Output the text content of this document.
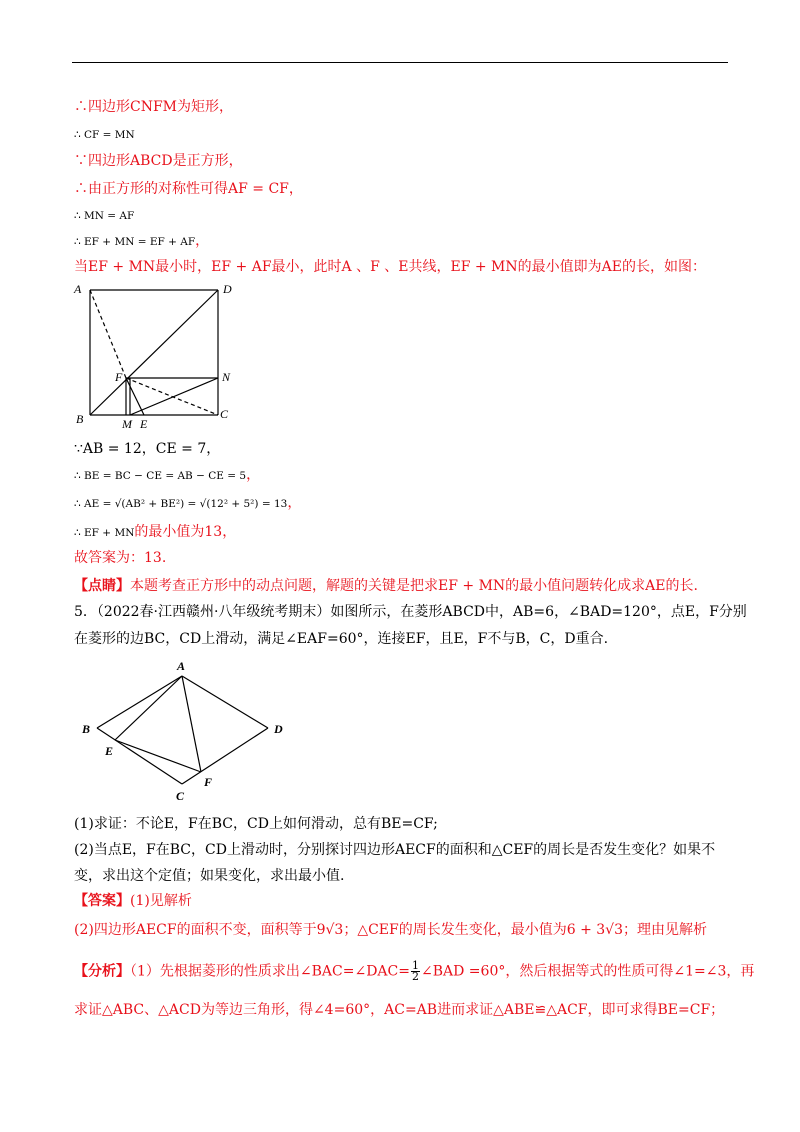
∴四边形CNFM为矩形，
∴ CF = MN
∵四边形ABCD是正方形，
∴由正方形的对称性可得AF = CF，
∴ MN = AF
∴ EF + MN = EF + AF，
当EF + MN最小时，EF + AF最小，此时A 、F 、E共线，EF + MN的最小值即为AE的长，如图：
A	D
F	N
B	M E
C
∵AB = 12，CE = 7，
∴ BE = BC − CE = AB − CE = 5，
∴ AE = √(AB² + BE²) = √(12² + 5²) = 13，
∴ EF + MN的最小值为13，
故答案为：13.
【点睛】本题考查正方形中的动点问题，解题的关键是把求EF + MN的最小值问题转化成求AE的长.
5．（2022春·江西赣州·八年级统考期末）如图所示，在菱形ABCD中，AB=6，∠BAD=120°，点E，F分别
在菱形的边BC，CD上滑动，满足∠EAF=60°，连接EF，且E，F不与B，C，D重合.
A
B	D
E
F
C
(1)求证：不论E，F在BC，CD上如何滑动，总有BE=CF;
(2)当点E，F在BC，CD上滑动时，分别探讨四边形AECF的面积和△CEF的周长是否发生变化？如果不
变，求出这个定值；如果变化，求出最小值.
【答案】(1)见解析
(2)四边形AECF的面积不变，面积等于9√3；△CEF的周长发生变化，最小值为6 + 3√3；理由见解析
【分析】（1）先根据菱形的性质求出∠BAC=∠DAC= $\frac{1}{2}$ ∠BAD =60°，然后根据等式的性质可得∠1=∠3，再
求证△ABC、△ACD为等边三角形，得∠4=60°，AC=AB进而求证△ABE≌△ACF，即可求得BE=CF；
